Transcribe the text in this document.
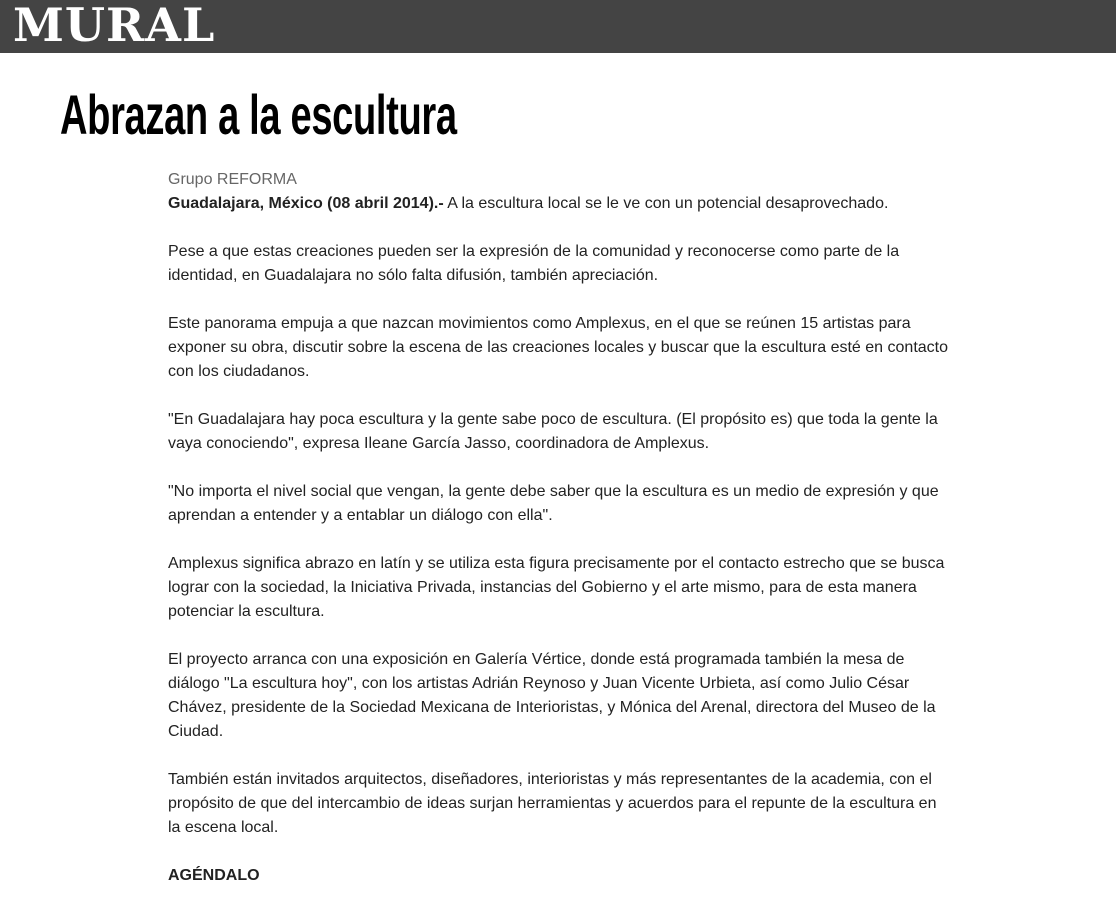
MURAL
Abrazan a la escultura

Grupo REFORMA

Guadalajara, México (08 abril 2014).- A la escultura local se le ve con un potencial desaprovechado.

Pese a que estas creaciones pueden ser la expresión de la comunidad y reconocerse como parte de la identidad, en Guadalajara no sólo falta difusión, también apreciación.

Este panorama empuja a que nazcan movimientos como Amplexus, en el que se reúnen 15 artistas para exponer su obra, discutir sobre la escena de las creaciones locales y buscar que la escultura esté en contacto con los ciudadanos.

"En Guadalajara hay poca escultura y la gente sabe poco de escultura. (El propósito es) que toda la gente la vaya conociendo", expresa Ileane García Jasso, coordinadora de Amplexus.

"No importa el nivel social que vengan, la gente debe saber que la escultura es un medio de expresión y que aprendan a entender y a entablar un diálogo con ella".

Amplexus significa abrazo en latín y se utiliza esta figura precisamente por el contacto estrecho que se busca lograr con la sociedad, la Iniciativa Privada, instancias del Gobierno y el arte mismo, para de esta manera potenciar la escultura.

El proyecto arranca con una exposición en Galería Vértice, donde está programada también la mesa de diálogo "La escultura hoy", con los artistas Adrián Reynoso y Juan Vicente Urbieta, así como Julio César Chávez, presidente de la Sociedad Mexicana de Interioristas, y Mónica del Arenal, directora del Museo de la Ciudad.

También están invitados arquitectos, diseñadores, interioristas y más representantes de la academia, con el propósito de que del intercambio de ideas surjan herramientas y acuerdos para el repunte de la escultura en la escena local.

AGÉNDALO
